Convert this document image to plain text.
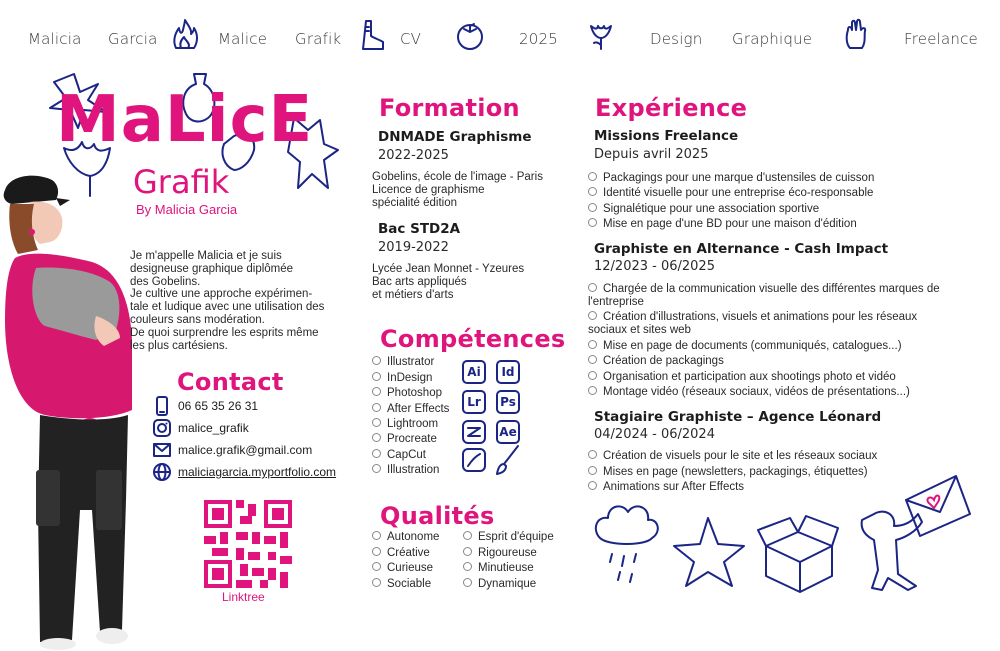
Malicia Garcia	Malice Grafik	CV	2025	Design Graphique	Freelance
MaLicE
Grafik
By Malicia Garcia
Je m'appelle Malicia et je suis
designeuse graphique diplômée
des Gobelins.
Je cultive une approche expérimen-
tale et ludique avec une utilisation des
couleurs sans modération.
De quoi surprendre les esprits même
les plus cartésiens.
Contact
06 65 35 26 31
malice_grafik
malice.grafik@gmail.com
maliciagarcia.myportfolio.com
Linktree
Formation
DNMADE Graphisme
2022-2025
Gobelins, école de l'image - Paris
Licence de graphisme
spécialité édition
Bac STD2A
2019-2022
Lycée Jean Monnet - Yzeures
Bac arts appliqués
et métiers d'arts
Compétences
Illustrator
InDesign
Photoshop
After Effects
Lightroom
Procreate
CapCut
Illustration
Ai	Id
Lr	Ps
Ae
Qualités
Autonome
Créative
Curieuse
Sociable
Esprit d'équipe
Rigoureuse
Minutieuse
Dynamique
Expérience
Missions Freelance
Depuis avril 2025
Packagings pour une marque d'ustensiles de cuisson
Identité visuelle pour une entreprise éco-responsable
Signalétique pour une association sportive
Mise en page d'une BD pour une maison d'édition
Graphiste en Alternance - Cash Impact
12/2023 - 06/2025
Chargée de la communication visuelle des différentes marques de l'entreprise
Création d'illustrations, visuels et animations pour les réseaux sociaux et sites web
Mise en page de documents (communiqués, catalogues...)
Création de packagings
Organisation et participation aux shootings photo et vidéo
Montage vidéo (réseaux sociaux, vidéos de présentations...)
Stagiaire Graphiste – Agence Léonard
04/2024 - 06/2024
Création de visuels pour le site et les réseaux sociaux
Mises en page (newsletters, packagings, étiquettes)
Animations sur After Effects
